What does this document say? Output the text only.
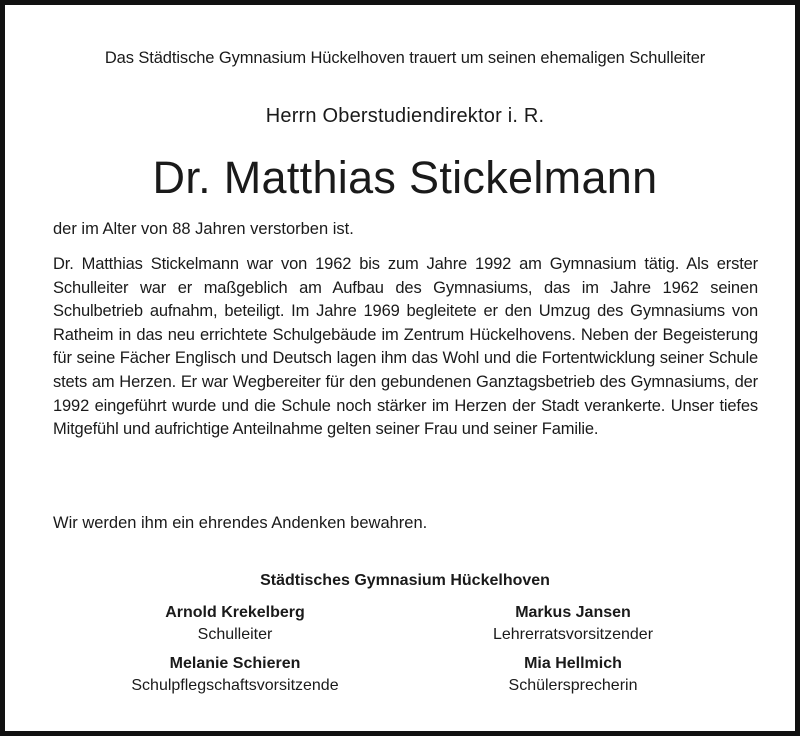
Das Städtische Gymnasium Hückelhoven trauert um seinen ehemaligen Schulleiter
Herrn Oberstudiendirektor i. R.
Dr. Matthias Stickelmann
der im Alter von 88 Jahren verstorben ist.

Dr. Matthias Stickelmann war von 1962 bis zum Jahre 1992 am Gymnasium tätig. Als erster Schulleiter war er maßgeblich am Aufbau des Gymnasiums, das im Jahre 1962 seinen Schulbetrieb aufnahm, beteiligt. Im Jahre 1969 begleitete er den Umzug des Gymnasiums von Ratheim in das neu errichtete Schulgebäude im Zentrum Hückelhovens. Neben der Begeisterung für seine Fächer Englisch und Deutsch lagen ihm das Wohl und die Fortentwicklung seiner Schule stets am Herzen. Er war Wegbereiter für den gebundenen Ganztagsbetrieb des Gymnasiums, der 1992 eingeführt wurde und die Schule noch stärker im Herzen der Stadt verankerte. Unser tiefes Mitgefühl und aufrichtige Anteilnahme gelten seiner Frau und seiner Familie.

Wir werden ihm ein ehrendes Andenken bewahren.
Städtisches Gymnasium Hückelhoven
Arnold Krekelberg
Schulleiter
Markus Jansen
Lehrerratsvorsitzender
Melanie Schieren
Schulpflegschaftsvorsitzende
Mia Hellmich
Schülersprecherin
